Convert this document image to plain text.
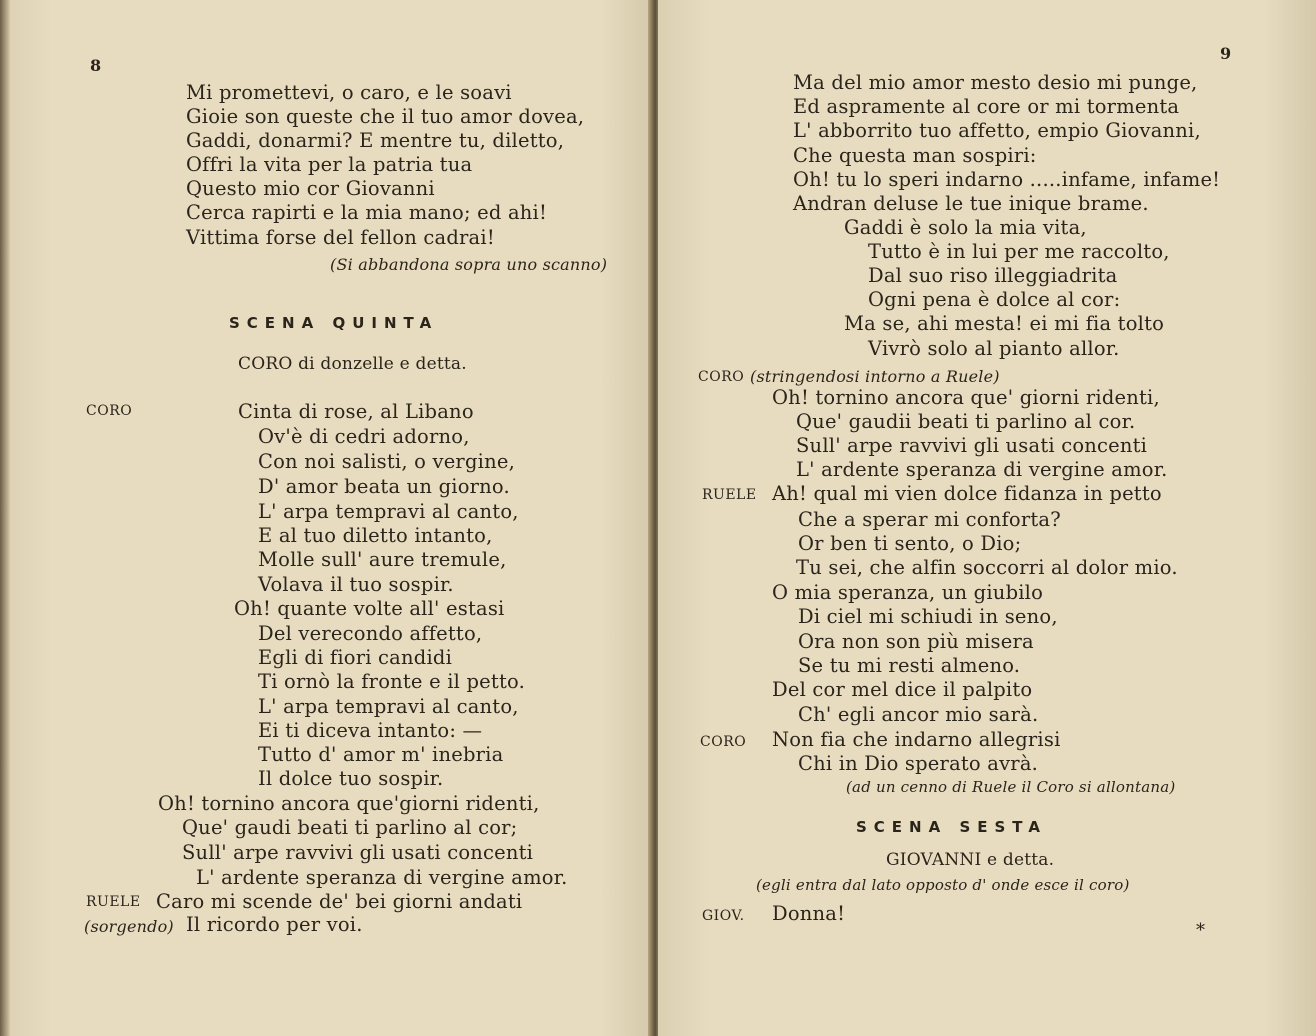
8
Mi promettevi, o caro, e le soavi
Gioie son queste che il tuo amor dovea,
Gaddi, donarmi? E mentre tu, diletto,
Offri la vita per la patria tua
Questo mio cor Giovanni
Cerca rapirti e la mia mano; ed ahi!
Vittima forse del fellon cadrai!
(Si abbandona sopra uno scanno)
SCENA QUINTA
CORO di donzelle e detta.
CORO	Cinta di rose, al Libano
Ov'è di cedri adorno,
Con noi salisti, o vergine,
D' amor beata un giorno.
L' arpa tempravi al canto,
E al tuo diletto intanto,
Molle sull' aure tremule,
Volava il tuo sospir.
Oh! quante volte all' estasi
Del verecondo affetto,
Egli di fiori candidi
Ti ornò la fronte e il petto.
L' arpa tempravi al canto,
Ei ti diceva intanto: —
Tutto d' amor m' inebria
Il dolce tuo sospir.
Oh! tornino ancora que'giorni ridenti,
Que' gaudi beati ti parlino al cor;
Sull' arpe ravvivi gli usati concenti
L' ardente speranza di vergine amor.
RUELE Caro mi scende de' bei giorni andati
(sorgendo) Il ricordo per voi.
9
Ma del mio amor mesto desio mi punge,
Ed aspramente al core or mi tormenta
L' abborrito tuo affetto, empio Giovanni,
Che questa man sospiri:
Oh! tu lo speri indarno .....infame, infame!
Andran deluse le tue inique brame.
Gaddi è solo la mia vita,
Tutto è in lui per me raccolto,
Dal suo riso illeggiadrita
Ogni pena è dolce al cor:
Ma se, ahi mesta! ei mi fia tolto
Vivrò solo al pianto allor.
CORO (stringendosi intorno a Ruele)
Oh! tornino ancora que' giorni ridenti,
Que' gaudii beati ti parlino al cor.
Sull' arpe ravvivi gli usati concenti
L' ardente speranza di vergine amor.
RUELE Ah! qual mi vien dolce fidanza in petto
Che a sperar mi conforta?
Or ben ti sento, o Dio;
Tu sei, che alfin soccorri al dolor mio.
O mia speranza, un giubilo
Di ciel mi schiudi in seno,
Ora non son più misera
Se tu mi resti almeno.
Del cor mel dice il palpito
Ch' egli ancor mio sarà.
CORO Non fia che indarno allegrisi
Chi in Dio sperato avrà.
(ad un cenno di Ruele il Coro si allontana)
SCENA SESTA
GIOVANNI e detta.
(egli entra dal lato opposto d' onde esce il coro)
GIOV. Donna!
*
